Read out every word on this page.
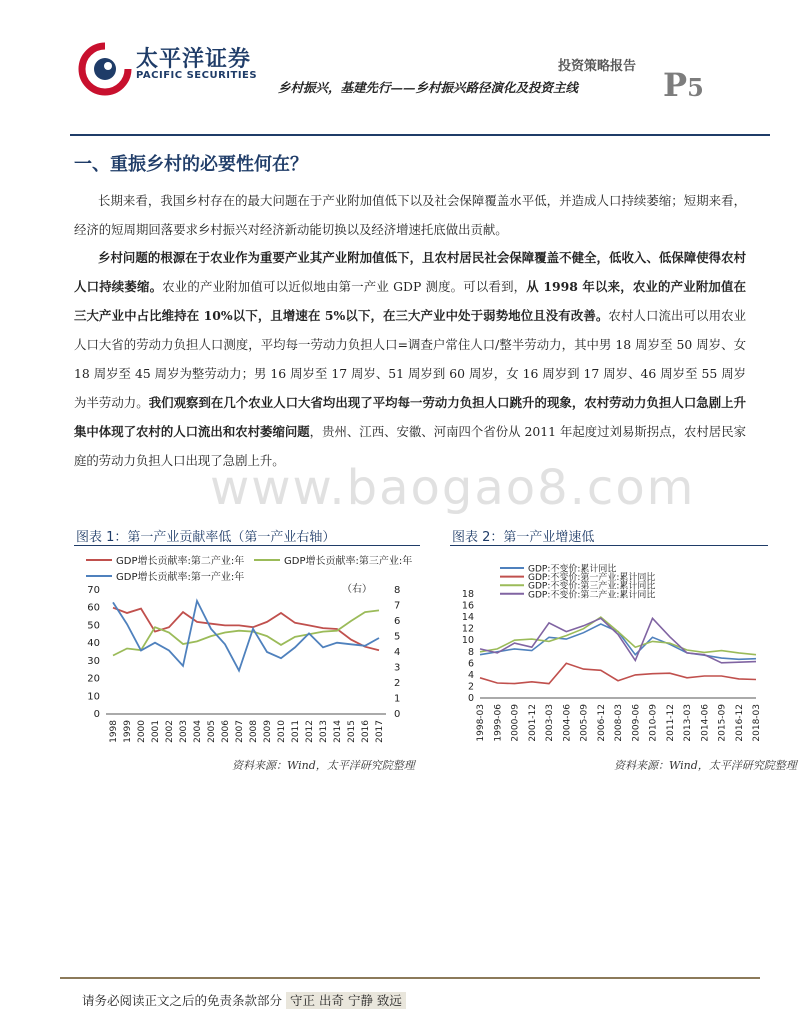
太平洋证券
PACIFIC SECURITIES
投资策略报告
乡村振兴，基建先行——乡村振兴路径演化及投资主线	P5
一、重振乡村的必要性何在？
长期来看，我国乡村存在的最大问题在于产业附加值低下以及社会保障覆盖水平低，并造成人口持续萎缩；短期来看，经济的短周期回落要求乡村振兴对经济新动能切换以及经济增速托底做出贡献。
乡村问题的根源在于农业作为重要产业其产业附加值低下，且农村居民社会保障覆盖不健全，低收入、低保障使得农村人口持续萎缩。农业的产业附加值可以近似地由第一产业 GDP 测度。可以看到，从 1998 年以来，农业的产业附加值在三大产业中占比维持在 10%以下，且增速在 5%以下，在三大产业中处于弱势地位且没有改善。农村人口流出可以用农业人口大省的劳动力负担人口测度，平均每一劳动力负担人口=调查户常住人口/整半劳动力，其中男 18 周岁至 50 周岁、女 18 周岁至 45 周岁为整劳动力；男 16 周岁至 17 周岁、51 周岁到 60 周岁，女 16 周岁到 17 周岁、46 周岁至 55 周岁为半劳动力。我们观察到在几个农业人口大省均出现了平均每一劳动力负担人口跳升的现象，农村劳动力负担人口急剧上升集中体现了农村的人口流出和农村萎缩问题，贵州、江西、安徽、河南四个省份从 2011 年起度过刘易斯拐点，农村居民家庭的劳动力负担人口出现了急剧上升。
图表 1：第一产业贡献率低（第一产业右轴）
GDP增长贡献率:第二产业:年	GDP增长贡献率:第三产业:年
GDP增长贡献率:第一产业:年
0
10
20
30
40
50
60
70
0
1
2
3
4
5
6
7
8
（右）
1998 1999 2000 2001 2002 2003 2004 2005 2006 2007 2008 2009 2010 2011 2012 2013 2014 2015 2016 2017
资料来源：Wind，太平洋研究院整理
图表 2：第一产业增速低
GDP:不变价:累计同比
GDP:不变价:第一产业:累计同比
GDP:不变价:第三产业:累计同比
GDP:不变价:第二产业:累计同比
0
2
4
6
8
10
12
14
16
18
1998-03 1999-06 2000-09 2001-12 2003-03 2004-06 2005-09 2006-12 2008-03 2009-06 2010-09 2011-12 2013-03 2014-06 2015-09 2016-12 2018-03
资料来源：Wind，太平洋研究院整理
www.baogao8.com
请务必阅读正文之后的免责条款部分 守正 出奇 宁静 致远
